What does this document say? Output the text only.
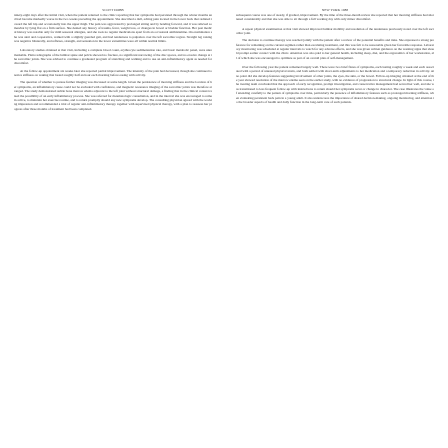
SCOTT DOBB

ninety-eight days after the initial visit, when the patient returned to the clinic reporting that her symptoms had persisted through the winter months and had become markedly worse in the two weeks preceding the appointment. She described a dull, aching pain located in the lower back that radiated toward the left hip and occasionally into the upper thigh. The pain was aggravated by prolonged sitting and by bending forward, and it was relieved somewhat by lying flat on a firm surface. She denied any history of trauma, fever, weight loss, or changes in bowel or bladder function. Her past medical history was notable only for mild seasonal allergies, and she took no regular medications apart from an occasional antihistamine. On examination she was alert and cooperative, walked with a slightly guarded gait, and had tenderness to palpation over the left sacroiliac region. Straight leg raising was negative bilaterally, and reflexes, strength, and sensation in the lower extremities were all within normal limits.

Laboratory studies obtained at that visit, including a complete blood count, erythrocyte sedimentation rate, and basic metabolic panel, were unremarkable. Plain radiographs of the lumbar spine and pelvis showed no fracture, no significant narrowing of the disc spaces, and no erosive change at the sacroiliac joints. She was advised to continue a graduated program of stretching and walking and to use an anti-inflammatory agent as needed for discomfort.

At the follow-up appointment six weeks later she reported partial improvement. The intensity of the pain had decreased, though she continued to notice stiffness on waking that lasted roughly half an hour each morning before easing with activity.

The question of whether to pursue further imaging was discussed at some length. Given the persistence of morning stiffness and the location of her symptoms, an inflammatory cause could not be excluded with confidence, and magnetic resonance imaging of the sacroiliac joints was therefore arranged. The study demonstrated subtle bone marrow edema adjacent to the left joint without structural damage, a finding that in the clinical context raised the possibility of an early inflammatory process. She was referred for rheumatologic consultation, and in the interval she was encouraged to remain active, to maintain her exercise routine, and to return promptly should any new symptoms develop. The consulting physician agreed with the working impression and recommended a trial of regular anti-inflammatory therapy together with supervised physical therapy, with a plan to reassess her progress after three months of treatment had been completed.

NEW YORK 1988

subsequent course was one of steady, if gradual, improvement. By the time of the three-month review she reported that her morning stiffness had shortened considerably and that she was able to sit through a full working day with only minor discomfort.

A repeat physical examination at that visit showed improved lumbar mobility and resolution of the tenderness previously noted over the left sacroiliac joint.

The decision to continue therapy was reached jointly with the patient after a review of the potential benefits and risks. She expressed a strong preference for remaining on the current regimen rather than escalating treatment, and this was felt to be reasonable given her favorable response. Laboratory monitoring was scheduled at regular intervals to watch for any adverse effects, and she was given written guidance on the warning signs that should prompt earlier contact with the clinic. Attention was also paid to her general health, including sleep, diet, and the ergonomics of her workstation, all of which she was encouraged to optimize as part of an overall plan of self-management.

Over the following year the patient remained largely well. There were two brief flares of symptoms, each lasting roughly a week and each associated with a period of unusual physical strain, and both settled with short-term adjustments to her medication and a temporary reduction in activity. At no point did she develop features suggesting involvement of other joints, the eyes, the skin, or the bowel. Follow-up imaging obtained at the end of the year showed resolution of the marrow edema seen on the earlier study, with no evidence of progression to structural change. In light of this course, the treating team concluded that the approach of early recognition, prompt investigation, and conservative management had served her well, and she was transitioned to less frequent follow-up with instructions to return should her symptoms recur or change in character. The case illustrates the value of attending carefully to the pattern of symptoms over time, particularly the presence of inflammatory features such as prolonged morning stiffness, when evaluating persistent back pain in a young adult. It also underscores the importance of shared decision-making, ongoing monitoring, and attention to the broader aspects of health and daily function in the long-term care of such patients.
